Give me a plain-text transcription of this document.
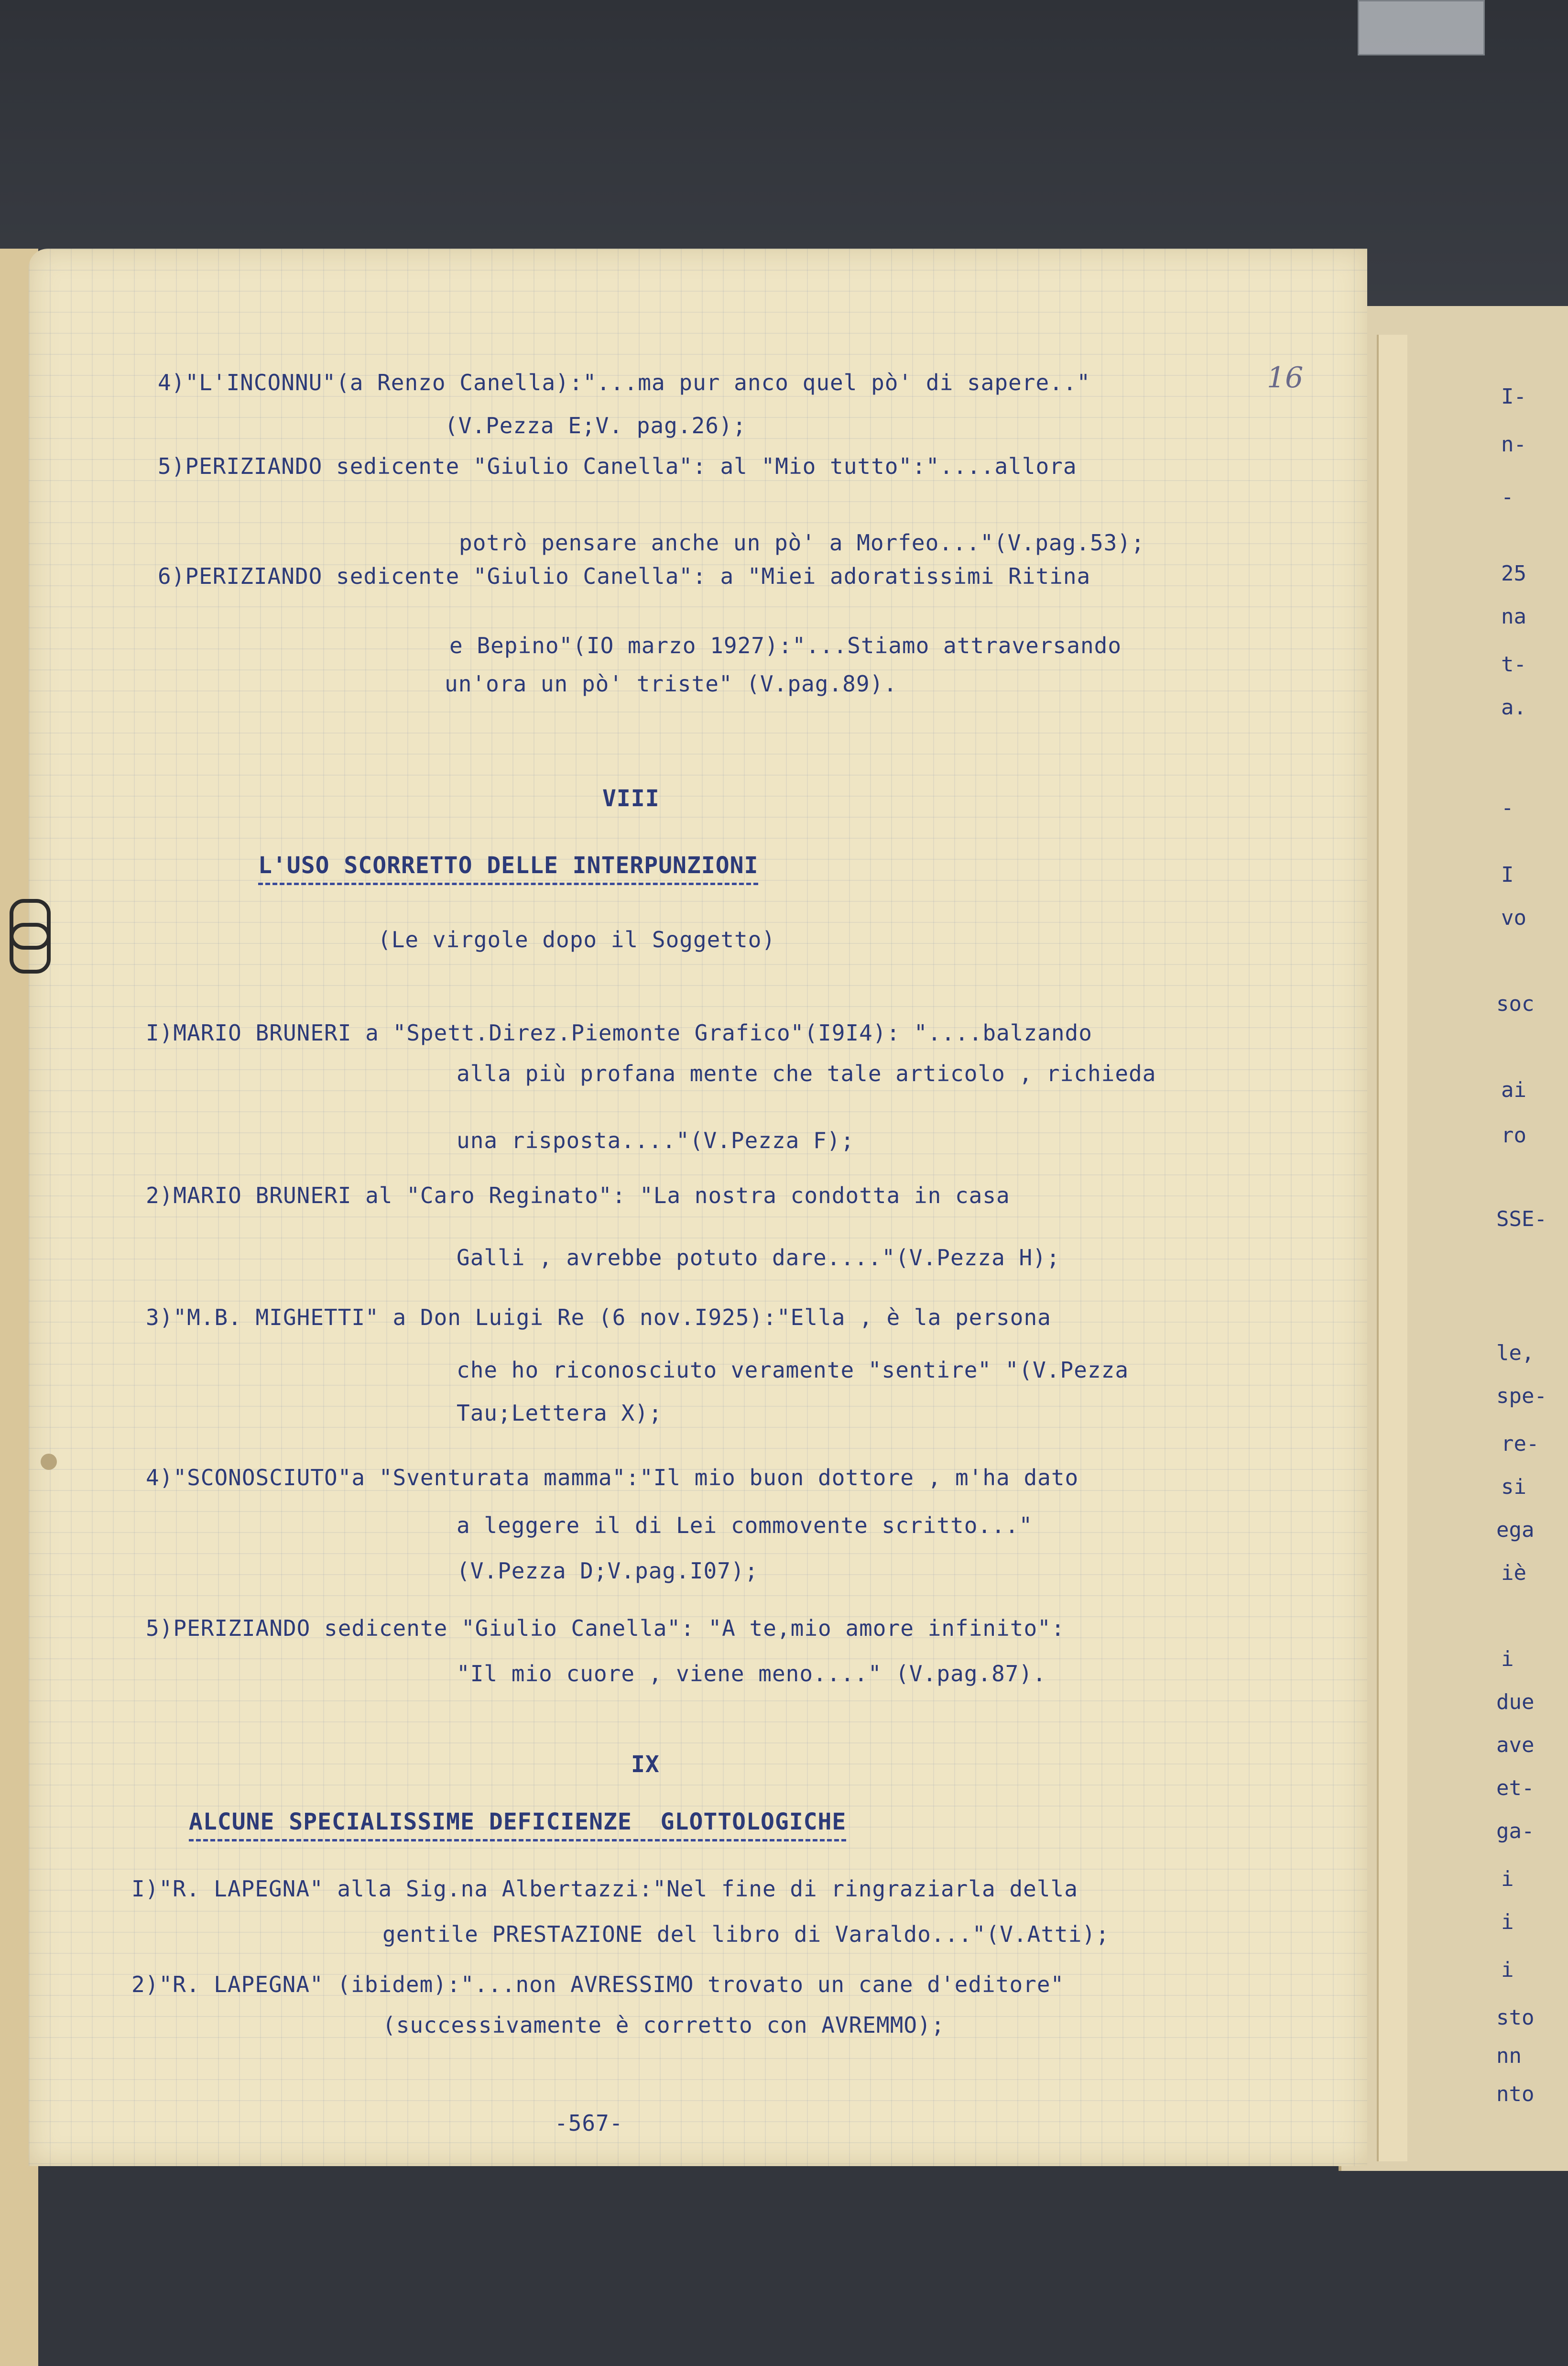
16

4)"L'INCONNU"(a Renzo Canella):"...ma pur anco quel pò' di sapere.."

(V.Pezza E;V. pag.26);

5)PERIZIANDO sedicente "Giulio Canella": al "Mio tutto":"....allora

potrò pensare anche un pò' a Morfeo..."(V.pag.53);

6)PERIZIANDO sedicente "Giulio Canella": a "Miei adoratissimi Ritina

e Bepino"(IO marzo 1927):"...Stiamo attraversando

un'ora un pò' triste" (V.pag.89).

VIII

L'USO SCORRETTO DELLE INTERPUNZIONI

(Le virgole dopo il Soggetto)

I)MARIO BRUNERI a "Spett.Direz.Piemonte Grafico"(I9I4): "....balzando

alla più profana mente che tale articolo , richieda

una risposta...."(V.Pezza F);

2)MARIO BRUNERI al "Caro Reginato": "La nostra condotta in casa

Galli , avrebbe potuto dare...."(V.Pezza H);

3)"M.B. MIGHETTI" a Don Luigi Re (6 nov.I925):"Ella , è la persona

che ho riconosciuto veramente "sentire" "(V.Pezza

Tau;Lettera X);

4)"SCONOSCIUTO"a "Sventurata mamma":"Il mio buon dottore , m'ha dato

a leggere il di Lei commovente scritto..."

(V.Pezza D;V.pag.I07);

5)PERIZIANDO sedicente "Giulio Canella": "A te,mio amore infinito":

"Il mio cuore , viene meno...." (V.pag.87).

IX

ALCUNE SPECIALISSIME DEFICIENZE  GLOTTOLOGICHE

I)"R. LAPEGNA" alla Sig.na Albertazzi:"Nel fine di ringraziarla della

gentile PRESTAZIONE del libro di Varaldo..."(V.Atti);

2)"R. LAPEGNA" (ibidem):"...non AVRESSIMO trovato un cane d'editore"

(successivamente è corretto con AVREMMO);

-567-

I-

n-

-

25

na

t-

a.

-

I

vo

soc

ai

ro

SSE-

le,

spe-

re-

si

ega

iè

i

due

ave

et-

ga-

i

i

i

sto

nn

nto
